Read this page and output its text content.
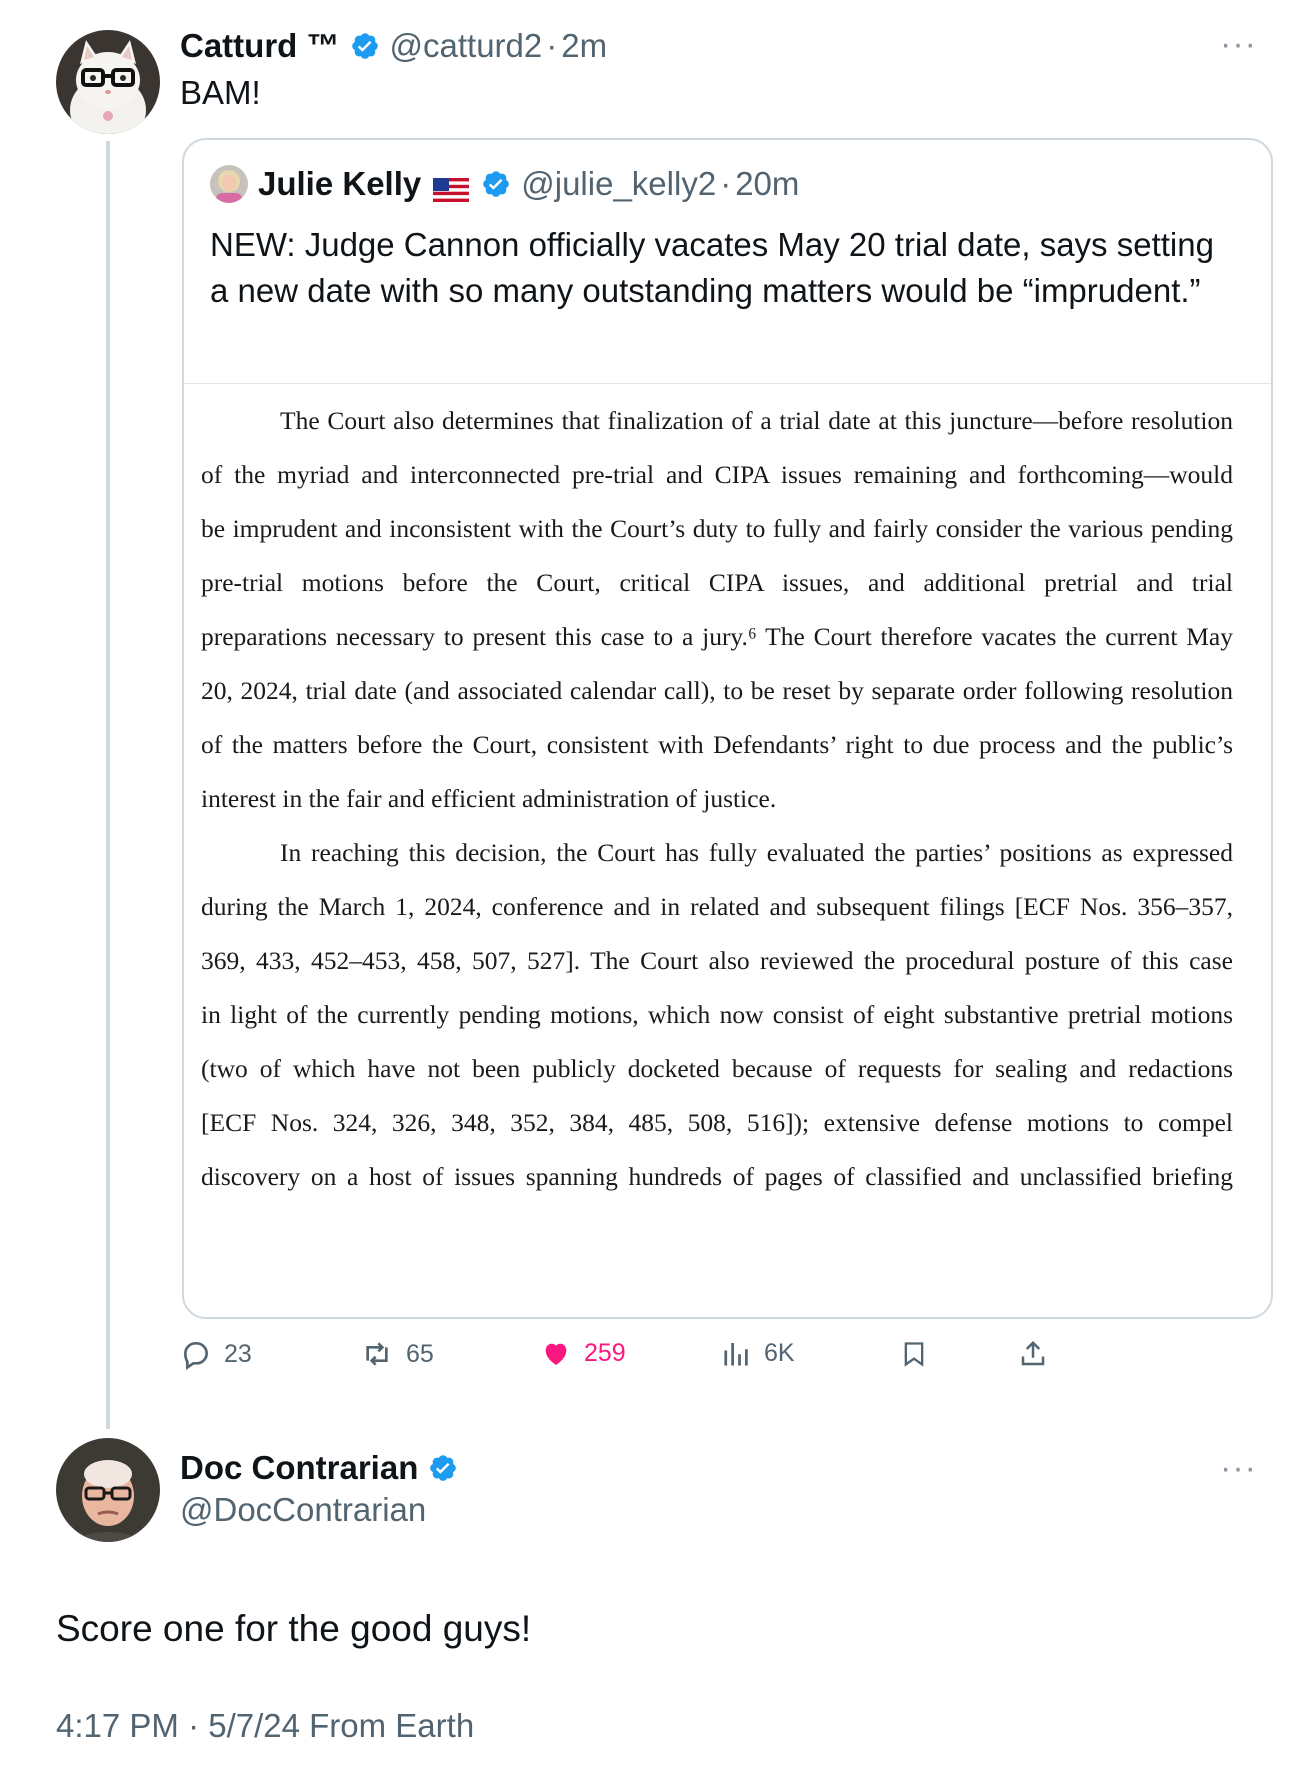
Catturd ™ @catturd2 · 2m	···
BAM!
Julie Kelly	@julie_kelly2 · 20m
NEW: Judge Cannon officially vacates May 20 trial date, says setting a new date with so many outstanding matters would be “imprudent.”
The Court also determines that finalization of a trial date at this juncture—before resolution
of the myriad and interconnected pre-trial and CIPA issues remaining and forthcoming—would
be imprudent and inconsistent with the Court’s duty to fully and fairly consider the various pending
pre-trial motions before the Court, critical CIPA issues, and additional pretrial and trial
preparations necessary to present this case to a jury.⁶ The Court therefore vacates the current May
20, 2024, trial date (and associated calendar call), to be reset by separate order following resolution
of the matters before the Court, consistent with Defendants’ right to due process and the public’s
interest in the fair and efficient administration of justice.
In reaching this decision, the Court has fully evaluated the parties’ positions as expressed
during the March 1, 2024, conference and in related and subsequent filings [ECF Nos. 356–357,
369, 433, 452–453, 458, 507, 527]. The Court also reviewed the procedural posture of this case
in light of the currently pending motions, which now consist of eight substantive pretrial motions
(two of which have not been publicly docketed because of requests for sealing and redactions
[ECF Nos. 324, 326, 348, 352, 384, 485, 508, 516]); extensive defense motions to compel
discovery on a host of issues spanning hundreds of pages of classified and unclassified briefing
23	65	259	6K
Doc Contrarian
@DocContrarian
···
Score one for the good guys!
4:17 PM · 5/7/24 From Earth
